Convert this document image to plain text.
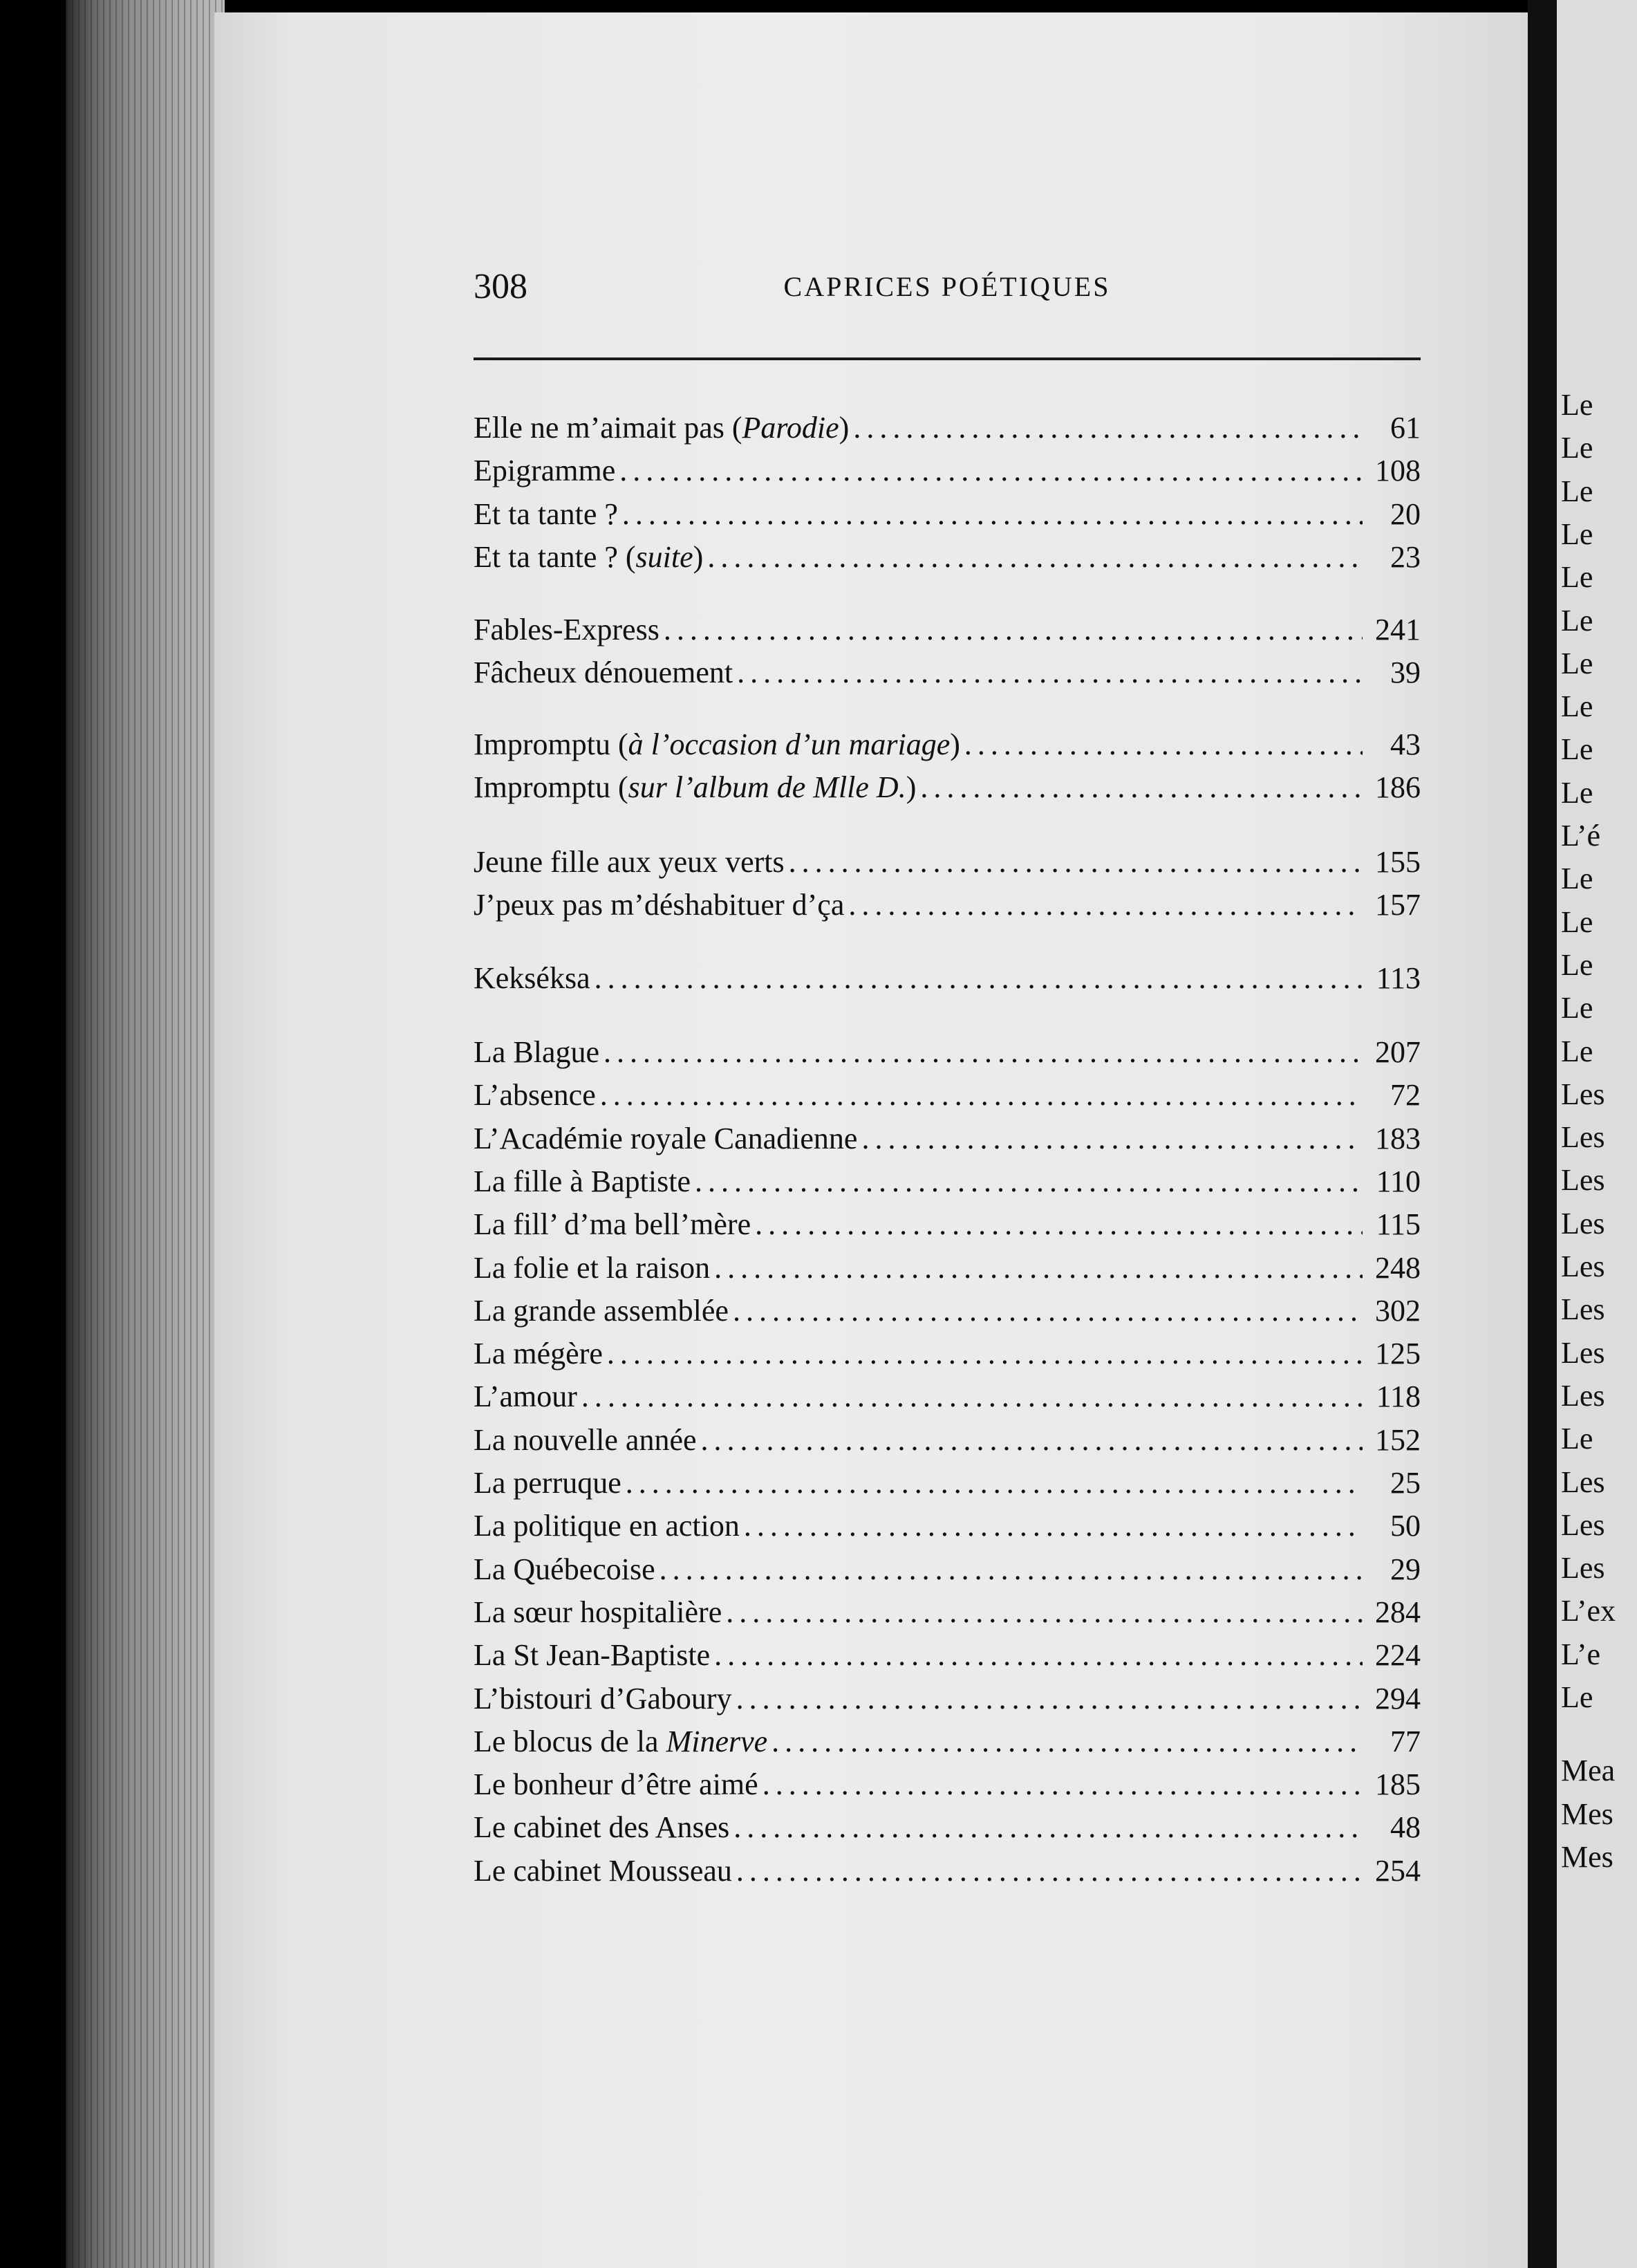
308	CAPRICES POÉTIQUES
Elle ne m’aimait pas (Parodie) .....	61
Epigramme .....	108
Et ta tante ? .....	20
Et ta tante ? (suite) .....	23
Fables-Express .....	241
Fâcheux dénouement .....	39
Impromptu (à l’occasion d’un mariage) .....	43
Impromptu (sur l’album de Mlle D.) .....	186
Jeune fille aux yeux verts .....	155
J’peux pas m’déshabituer d’ça .....	157
Kekséksa .....	113
La Blague .....	207
L’absence .....	72
L’Académie royale Canadienne .....	183
La fille à Baptiste .....	110
La fill’ d’ma bell’mère .....	115
La folie et la raison .....	248
La grande assemblée .....	302
La mégère .....	125
L’amour .....	118
La nouvelle année .....	152
La perruque .....	25
La politique en action .....	50
La Québecoise .....	29
La sœur hospitalière .....	284
La St Jean-Baptiste .....	224
L’bistouri d’Gaboury .....	294
Le blocus de la Minerve .....	77
Le bonheur d’être aimé .....	185
Le cabinet des Anses .....	48
Le cabinet Mousseau .....	254
Le
Le
Le
Le
Le
Le
Le
Le
Le
Le
L’é
Le
Le
Le
Le
Le
Les
Les
Les
Les
Les
Les
Les
Les
Le
Les
Les
Les
L’ex
L’e
Le
Mea
Mes
Mes
